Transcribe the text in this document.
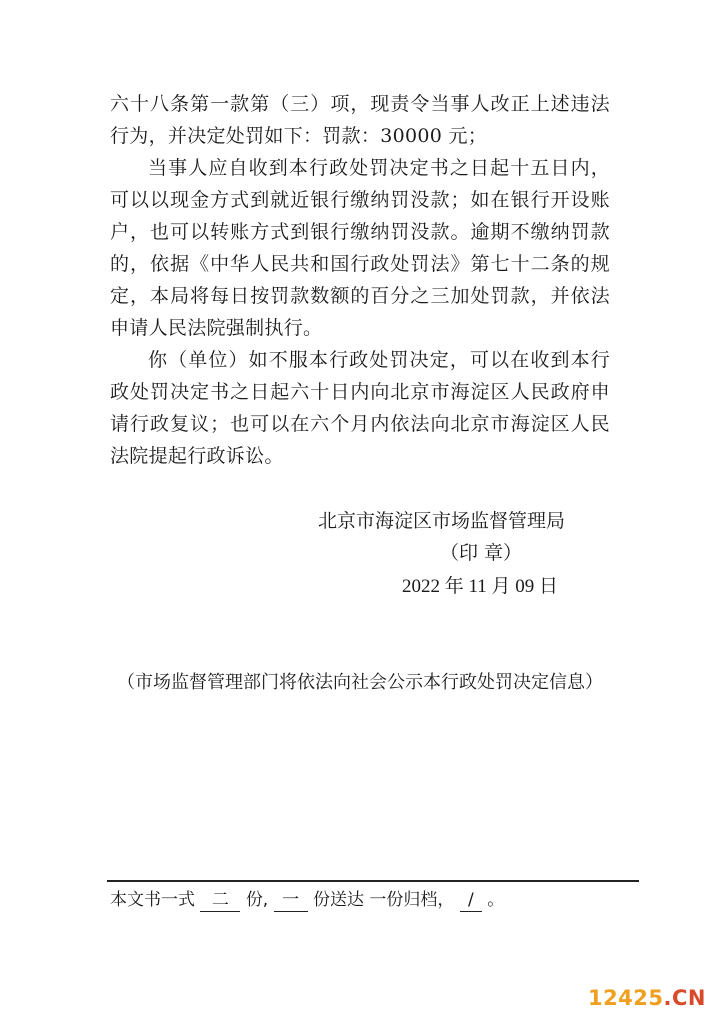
六十八条第一款第（三）项，现责令当事人改正上述违法行为，并决定处罚如下：罚款：30000 元；

当事人应自收到本行政处罚决定书之日起十五日内，可以以现金方式到就近银行缴纳罚没款；如在银行开设账户，也可以转账方式到银行缴纳罚没款。逾期不缴纳罚款的，依据《中华人民共和国行政处罚法》第七十二条的规定，本局将每日按罚款数额的百分之三加处罚款，并依法申请人民法院强制执行。

你（单位）如不服本行政处罚决定，可以在收到本行政处罚决定书之日起六十日内向北京市海淀区人民政府申请行政复议；也可以在六个月内依法向北京市海淀区人民法院提起行政诉讼。

北京市海淀区市场监督管理局
（印 章）
2022 年 11 月 09 日
（市场监督管理部门将依法向社会公示本行政处罚决定信息）
本文书一式 二 份, 一 份送达 一份归档， / 。
12425.CN
